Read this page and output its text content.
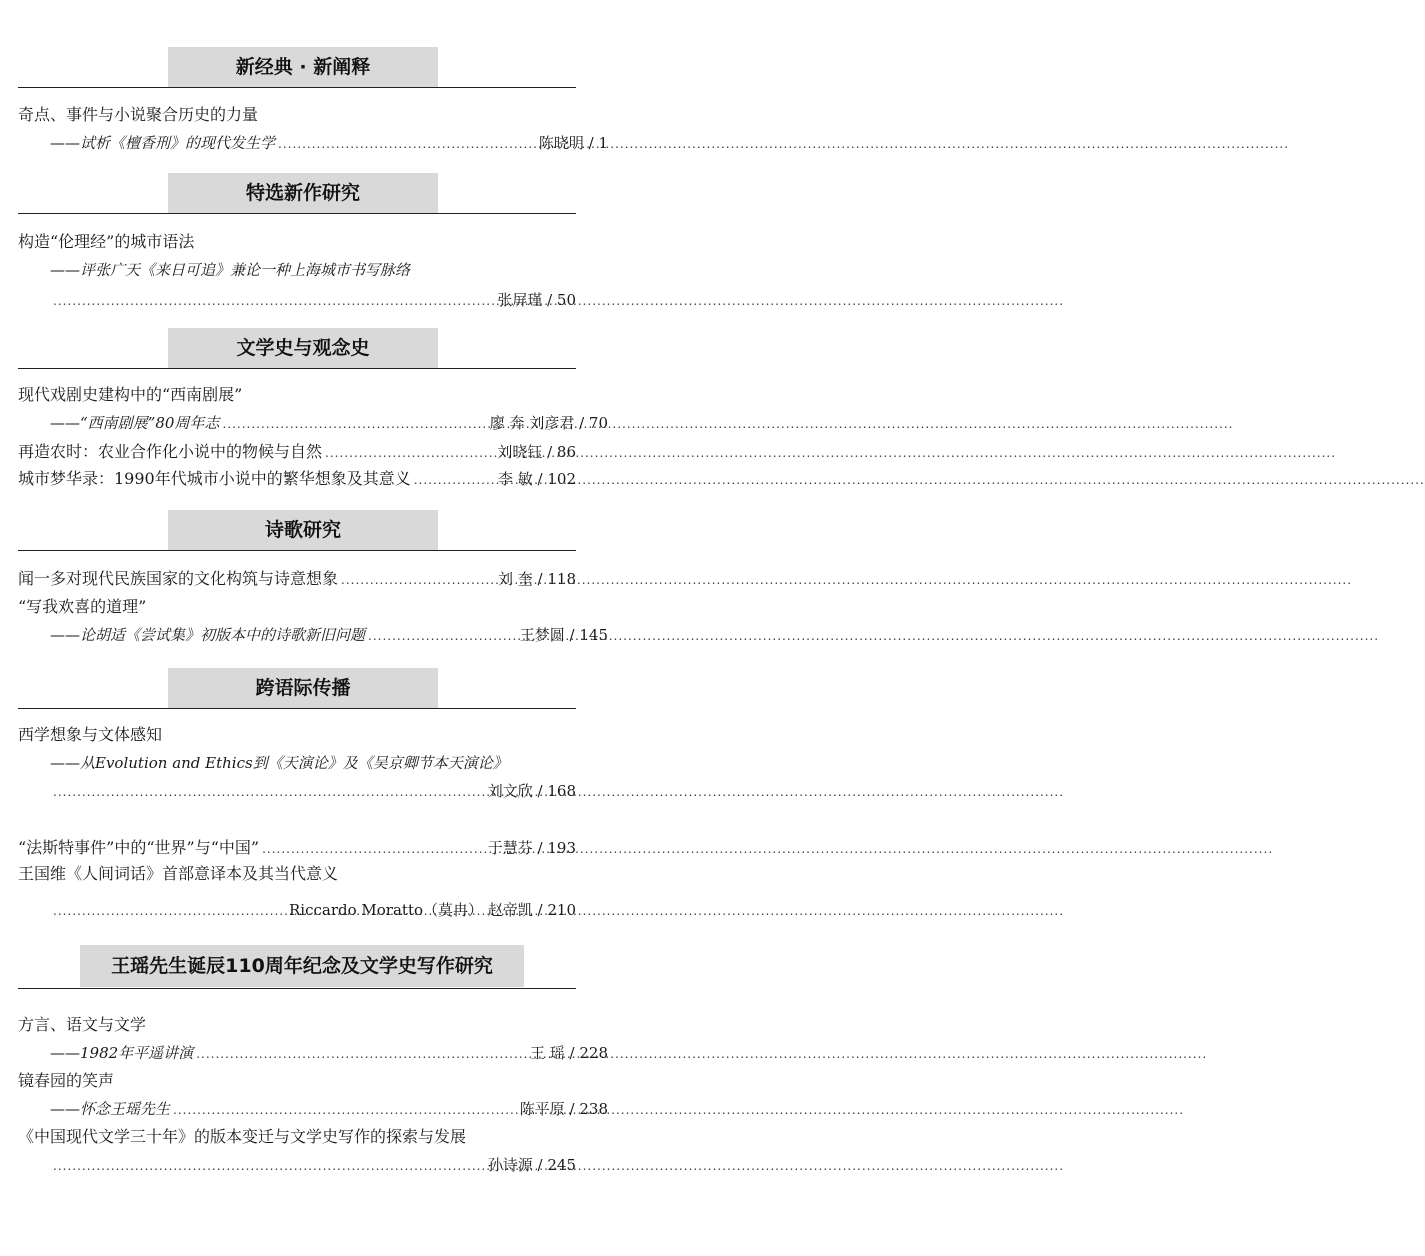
新经典 · 新阐释
奇点、事件与小说聚合历史的力量
——试析《檀香刑》的现代发生学 .....	陈晓明 / 1
特选新作研究
构造“伦理经”的城市语法
——评张广天《来日可追》兼论一种上海城市书写脉络
.....
张屏瑾 / 50
文学史与观念史
现代戏剧史建构中的“西南剧展”
——“西南剧展”80周年志 .....	廖 奔 刘彦君 / 70
再造农时：农业合作化小说中的物候与自然 .....	刘晓钰 / 86
城市梦华录：1990年代城市小说中的繁华想象及其意义 .....	李 敏 / 102
诗歌研究
闻一多对现代民族国家的文化构筑与诗意想象 .....	刘 奎 / 118
“写我欢喜的道理”
——论胡适《尝试集》初版本中的诗歌新旧问题 .....	王梦圆 / 145
跨语际传播
西学想象与文体感知
——从Evolution and Ethics到《天演论》及《吴京卿节本天演论》
.....
刘文欣 / 168
“法斯特事件”中的“世界”与“中国” .....	于慧芬 / 193
王国维《人间词话》首部意译本及其当代意义
.....
Riccardo Moratto（莫冉） 赵帝凯 / 210
王瑶先生诞辰110周年纪念及文学史写作研究
方言、语文与文学
——1982年平遥讲演 .....	王 瑶 / 228
镜春园的笑声
——怀念王瑶先生 .....	陈平原 / 238
《中国现代文学三十年》的版本变迁与文学史写作的探索与发展
.....
孙诗源 / 245
